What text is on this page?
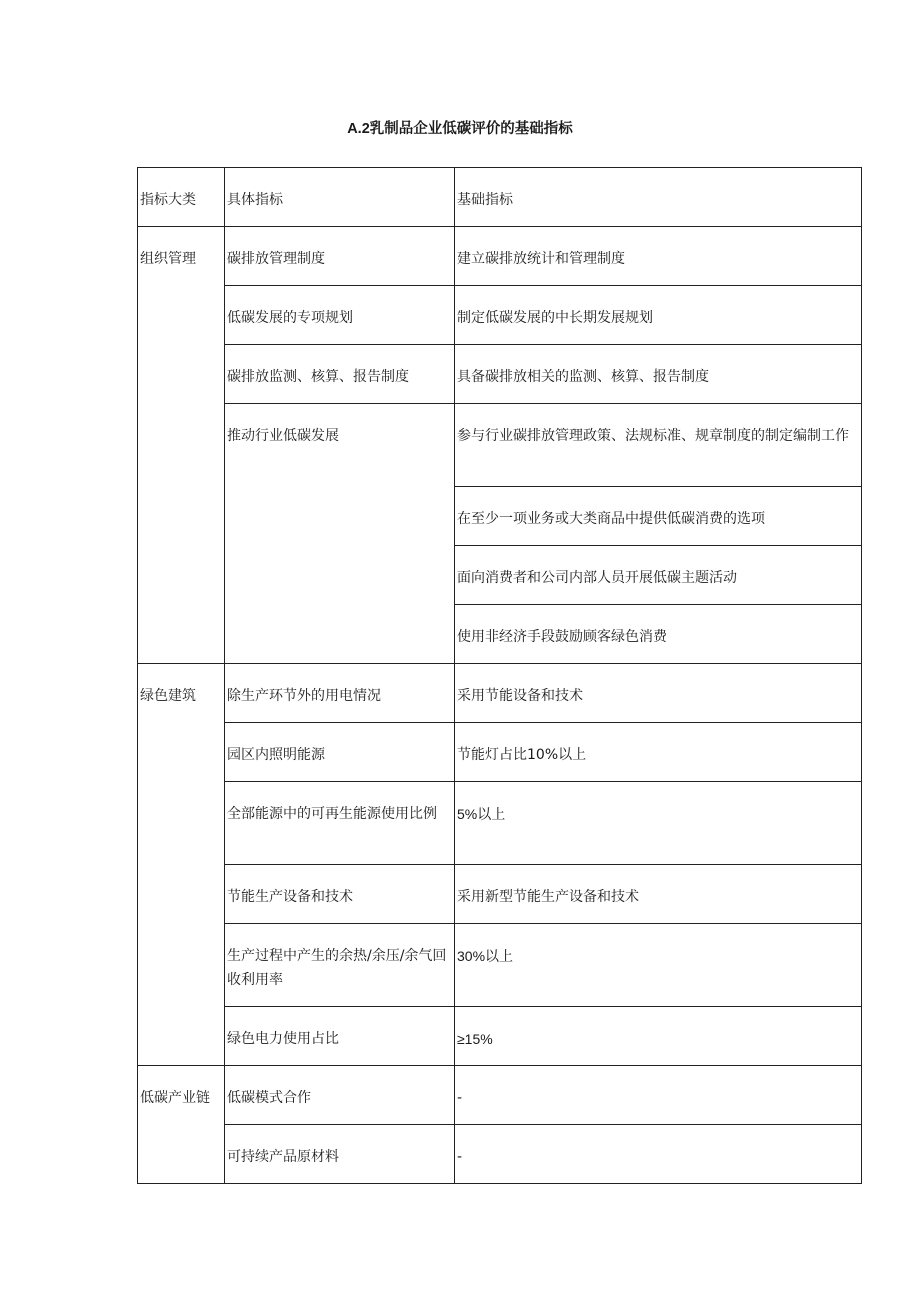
A.2乳制品企业低碳评价的基础指标
指标大类	具体指标	基础指标
组织管理	碳排放管理制度	建立碳排放统计和管理制度
	低碳发展的专项规划	制定低碳发展的中长期发展规划
	碳排放监测、核算、报告制度	具备碳排放相关的监测、核算、报告制度
	推动行业低碳发展	参与行业碳排放管理政策、法规标准、规章制度的制定编制工作
		在至少一项业务或大类商品中提供低碳消费的选项
		面向消费者和公司内部人员开展低碳主题活动
		使用非经济手段鼓励顾客绿色消费
绿色建筑	除生产环节外的用电情况	采用节能设备和技术
	园区内照明能源	节能灯占比10%以上
	全部能源中的可再生能源使用比例	5%以上
	节能生产设备和技术	采用新型节能生产设备和技术
	生产过程中产生的余热/余压/余气回收利用率	30%以上
	绿色电力使用占比	≥15%
低碳产业链	低碳模式合作	-
	可持续产品原材料	-
